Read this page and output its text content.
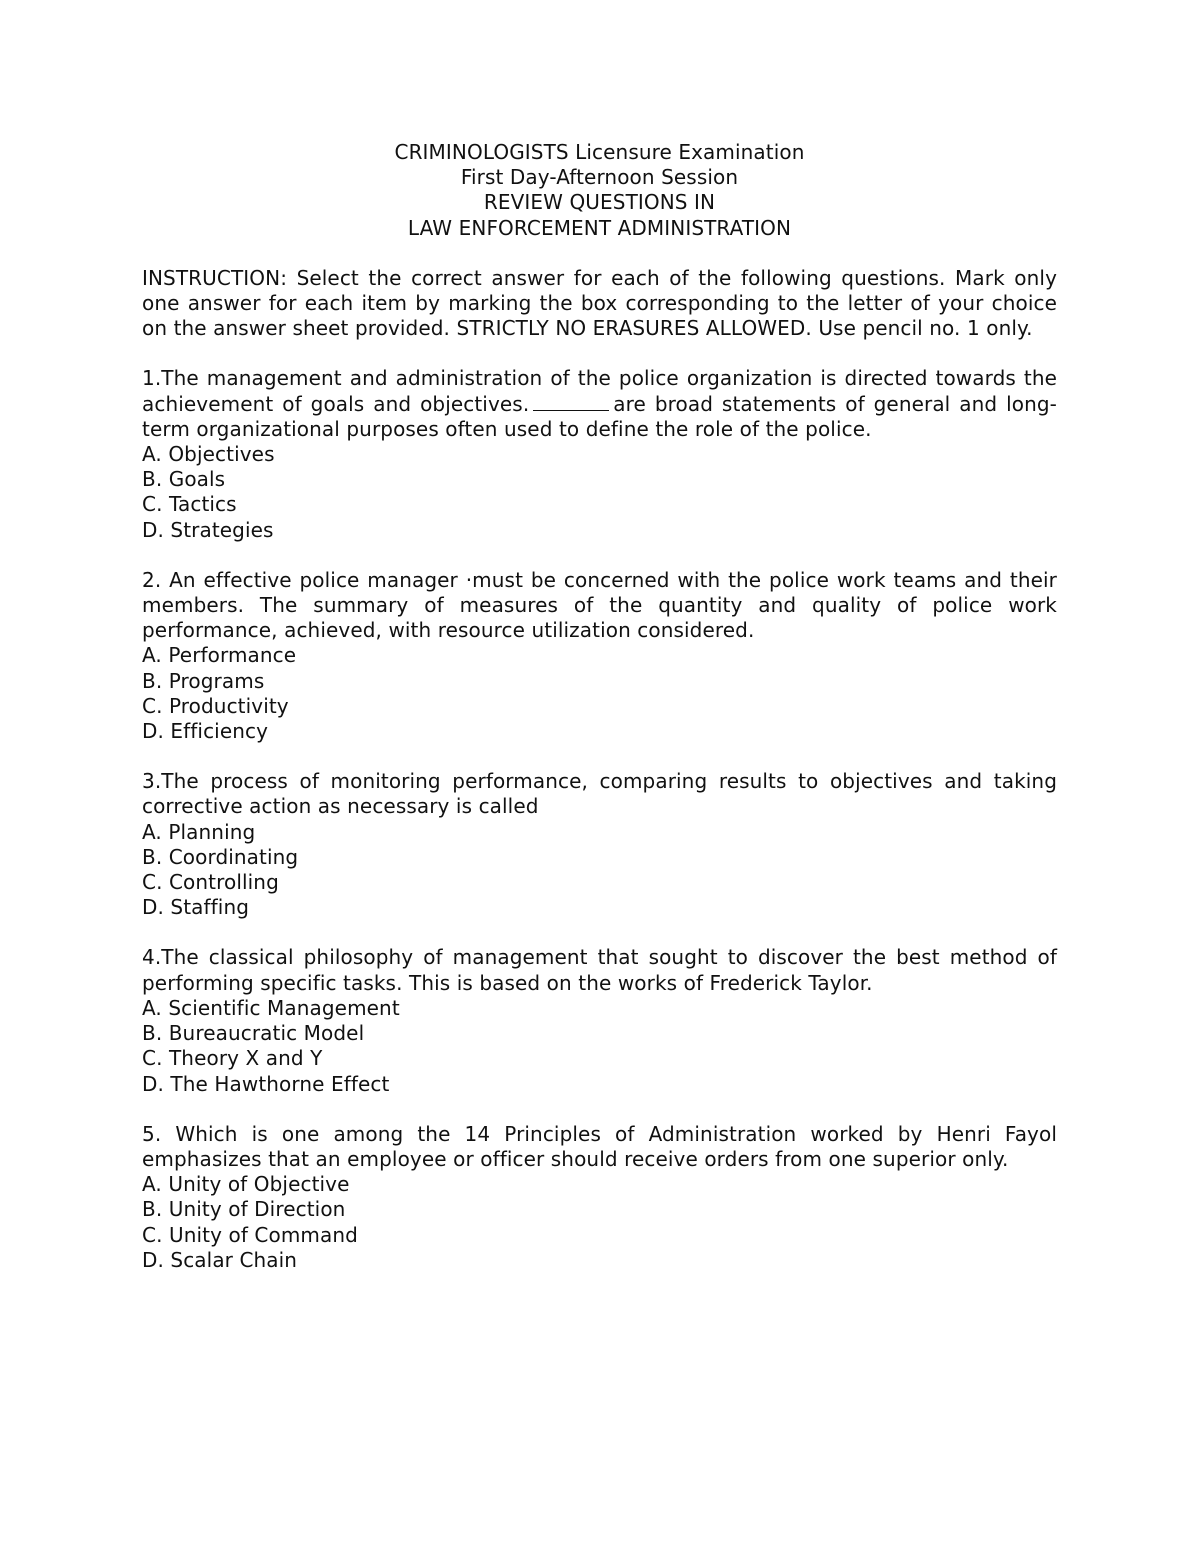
CRIMINOLOGISTS Licensure Examination
First Day-Afternoon Session
REVIEW QUESTIONS IN
LAW ENFORCEMENT ADMINISTRATION
INSTRUCTION: Select the correct answer for each of the following questions. Mark only one answer for each item by marking the box corresponding to the letter of your choice on the answer sheet provided. STRICTLY NO ERASURES ALLOWED. Use pencil no. 1 only.
1.The management and administration of the police organization is directed towards the achievement of goals and objectives.	are broad statements of general and long-term organizational purposes often used to define the role of the police.
A. Objectives
B. Goals
C. Tactics
D. Strategies
2. An effective police manager ·must be concerned with the police work teams and their members. The summary of measures of the quantity and quality of police work performance, achieved, with resource utilization considered.
A. Performance
B. Programs
C. Productivity
D. Efficiency
3.The process of monitoring performance, comparing results to objectives and taking corrective action as necessary is called
A. Planning
B. Coordinating
C. Controlling
D. Staffing
4.The classical philosophy of management that sought to discover the best method of performing specific tasks. This is based on the works of Frederick Taylor.
A. Scientific Management
B. Bureaucratic Model
C. Theory X and Y
D. The Hawthorne Effect
5. Which is one among the 14 Principles of Administration worked by Henri Fayol emphasizes that an employee or officer should receive orders from one superior only.
A. Unity of Objective
B. Unity of Direction
C. Unity of Command
D. Scalar Chain
